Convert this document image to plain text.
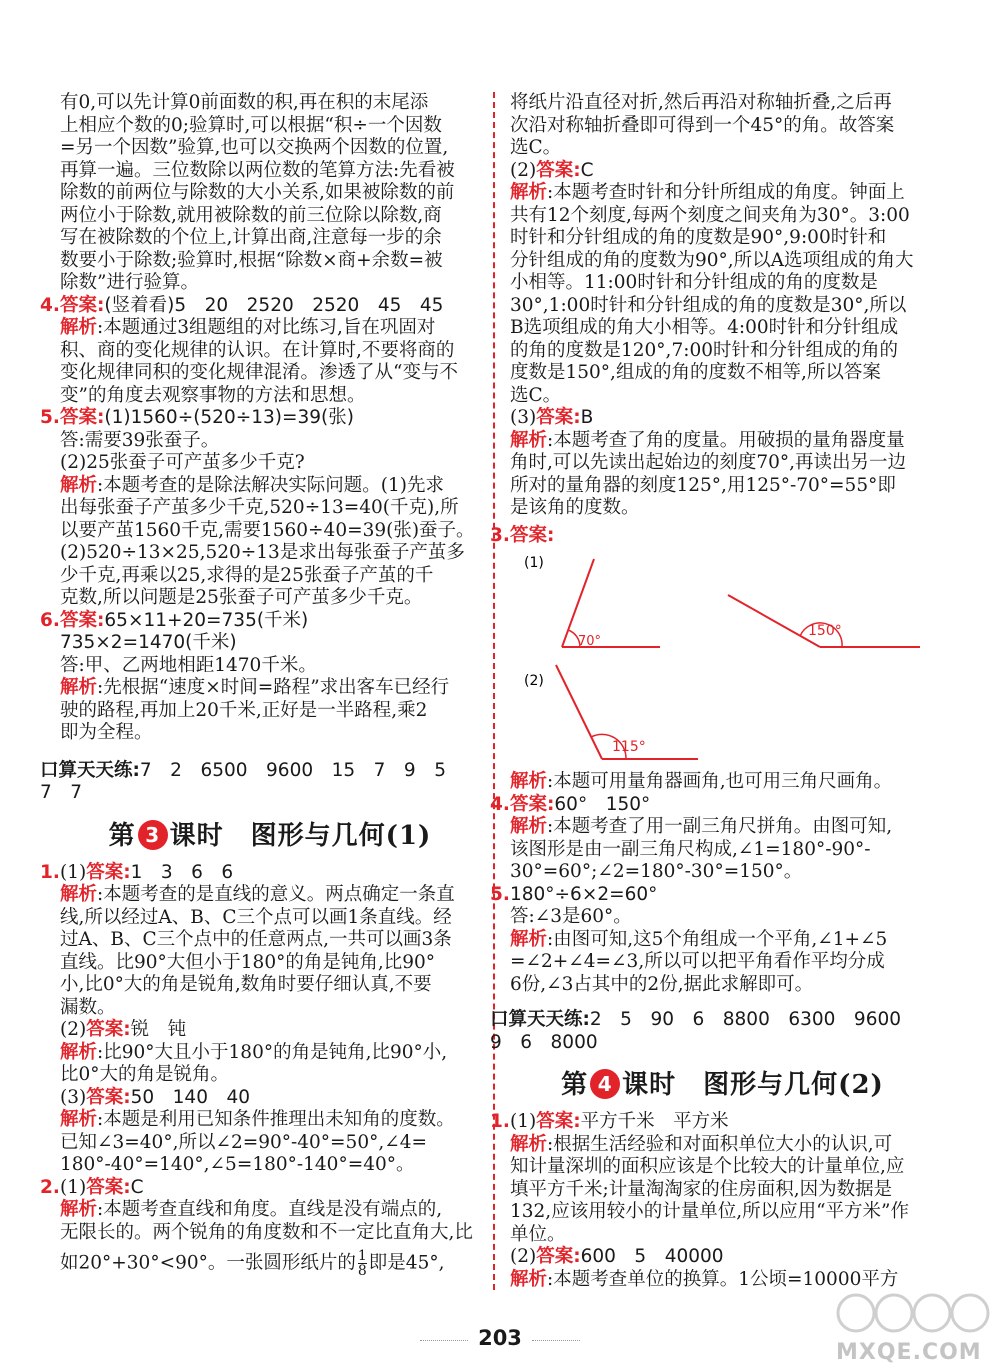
有0,可以先计算0前面数的积,再在积的末尾添
上相应个数的0;验算时,可以根据“积÷一个因数
=另一个因数”验算,也可以交换两个因数的位置,
再算一遍。三位数除以两位数的笔算方法:先看被
除数的前两位与除数的大小关系,如果被除数的前
两位小于除数,就用被除数的前三位除以除数,商
写在被除数的个位上,计算出商,注意每一步的余
数要小于除数;验算时,根据“除数×商+余数=被
除数”进行验算。
4.答案:(竖着看)5　20　2520　2520　45　45
解析:本题通过3组题组的对比练习,旨在巩固对
积、商的变化规律的认识。在计算时,不要将商的
变化规律同积的变化规律混淆。渗透了从“变与不
变”的角度去观察事物的方法和思想。
5.答案:(1)1560÷(520÷13)=39(张)
答:需要39张蚕子。
(2)25张蚕子可产茧多少千克?
解析:本题考查的是除法解决实际问题。(1)先求
出每张蚕子产茧多少千克,520÷13=40(千克),所
以要产茧1560千克,需要1560÷40=39(张)蚕子。
(2)520÷13×25,520÷13是求出每张蚕子产茧多
少千克,再乘以25,求得的是25张蚕子产茧的千
克数,所以问题是25张蚕子可产茧多少千克。
6.答案:65×11+20=735(千米)
735×2=1470(千米)
答:甲、乙两地相距1470千米。
解析:先根据“速度×时间=路程”求出客车已经行
驶的路程,再加上20千米,正好是一半路程,乘2
即为全程。
口算天天练:7　2　6500　9600　15　7　9　5
7　7
第 3 课时　图形与几何(1)
1.(1)答案:1　3　6　6
解析:本题考查的是直线的意义。两点确定一条直
线,所以经过A、B、C三个点可以画1条直线。经
过A、B、C三个点中的任意两点,一共可以画3条
直线。比90°大但小于180°的角是钝角,比90°
小,比0°大的角是锐角,数角时要仔细认真,不要
漏数。
(2)答案:锐　钝
解析:比90°大且小于180°的角是钝角,比90°小,
比0°大的角是锐角。
(3)答案:50　140　40
解析:本题是利用已知条件推理出未知角的度数。
已知∠3=40°,所以∠2=90°-40°=50°,∠4=
180°-40°=140°,∠5=180°-140°=40°。
2.(1)答案:C
解析:本题考查直线和角度。直线是没有端点的,
无限长的。两个锐角的角度数和不一定比直角大,比
如20°+30°<90°。一张圆形纸片的 $\frac{1}{8}$ 即是45°,
将纸片沿直径对折,然后再沿对称轴折叠,之后再
次沿对称轴折叠即可得到一个45°的角。故答案
选C。
(2)答案:C
解析:本题考查时针和分针所组成的角度。钟面上
共有12个刻度,每两个刻度之间夹角为30°。3:00
时针和分针组成的角的度数是90°,9:00时针和
分针组成的角的度数为90°,所以A选项组成的角大
小相等。11:00时针和分针组成的角的度数是
30°,1:00时针和分针组成的角的度数是30°,所以
B选项组成的角大小相等。4:00时针和分针组成
的角的度数是120°,7:00时针和分针组成的角的
度数是150°,组成的角的度数不相等,所以答案
选C。
(3)答案:B
解析:本题考查了角的度量。用破损的量角器度量
角时,可以先读出起始边的刻度70°,再读出另一边
所对的量角器的刻度125°,用125°-70°=55°即
是该角的度数。
3.答案:
(1)
70°
150°
(2)
115°
解析:本题可用量角器画角,也可用三角尺画角。
4.答案:60°　150°
解析:本题考查了用一副三角尺拼角。由图可知,
该图形是由一副三角尺构成,∠1=180°-90°-
30°=60°;∠2=180°-30°=150°。
5.180°÷6×2=60°
答:∠3是60°。
解析:由图可知,这5个角组成一个平角,∠1+∠5
=∠2+∠4=∠3,所以可以把平角看作平均分成
6份,∠3占其中的2份,据此求解即可。
口算天天练:2　5　90　6　8800　6300　9600
9　6　8000
第 4 课时　图形与几何(2)
1.(1)答案:平方千米　平方米
解析:根据生活经验和对面积单位大小的认识,可
知计量深圳的面积应该是个比较大的计量单位,应
填平方千米;计量淘淘家的住房面积,因为数据是
132,应该用较小的计量单位,所以应用“平方米”作
单位。
(2)答案:600　5　40000
解析:本题考查单位的换算。1公顷=10000平方
203
MXQE.COM
